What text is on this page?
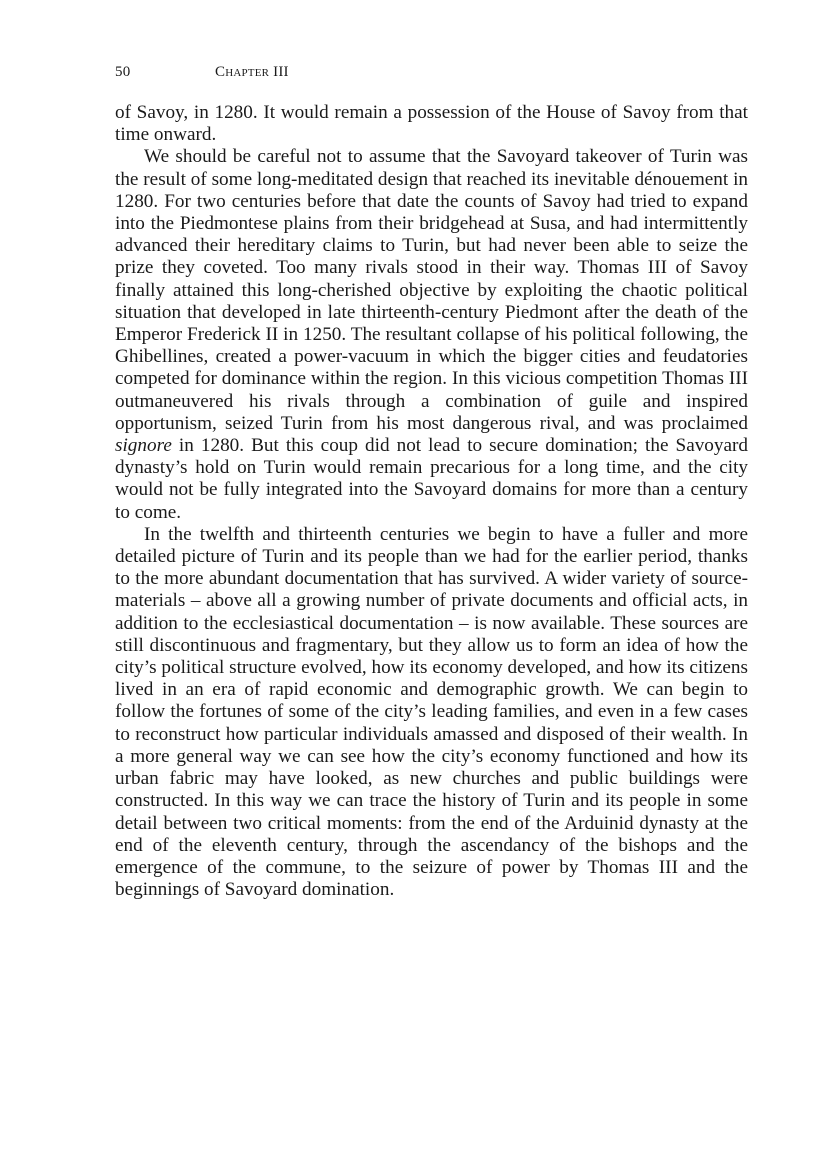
50	Chapter III

of Savoy, in 1280. It would remain a possession of the House of Savoy from that time onward.

We should be careful not to assume that the Savoyard takeover of Turin was the result of some long-meditated design that reached its inevitable dénouement in 1280. For two centuries before that date the counts of Savoy had tried to expand into the Piedmontese plains from their bridgehead at Susa, and had intermittently advanced their hereditary claims to Turin, but had never been able to seize the prize they coveted. Too many rivals stood in their way. Thomas III of Savoy finally attained this long-cherished objective by exploiting the chaotic political situation that developed in late thirteenth-century Piedmont after the death of the Emperor Frederick II in 1250. The resultant collapse of his political following, the Ghibellines, created a power-vacuum in which the bigger cities and feudatories competed for dominance within the region. In this vicious competition Thomas III outmaneuvered his rivals through a combination of guile and inspired opportunism, seized Turin from his most dangerous rival, and was proclaimed signore in 1280. But this coup did not lead to secure domination; the Savoyard dynasty’s hold on Turin would remain precarious for a long time, and the city would not be fully integrated into the Savoyard domains for more than a century to come.

In the twelfth and thirteenth centuries we begin to have a fuller and more detailed picture of Turin and its people than we had for the earlier period, thanks to the more abundant documentation that has survived. A wider variety of source-materials – above all a growing number of private documents and official acts, in addition to the ecclesiastical documentation – is now available. These sources are still discontinuous and fragmentary, but they allow us to form an idea of how the city’s political structure evolved, how its economy developed, and how its citizens lived in an era of rapid economic and demographic growth. We can begin to follow the fortunes of some of the city’s leading families, and even in a few cases to reconstruct how particular individuals amassed and disposed of their wealth. In a more general way we can see how the city’s economy functioned and how its urban fabric may have looked, as new churches and public buildings were constructed. In this way we can trace the history of Turin and its people in some detail between two critical moments: from the end of the Arduinid dynasty at the end of the eleventh century, through the ascendancy of the bishops and the emergence of the commune, to the seizure of power by Thomas III and the beginnings of Savoyard domination.
